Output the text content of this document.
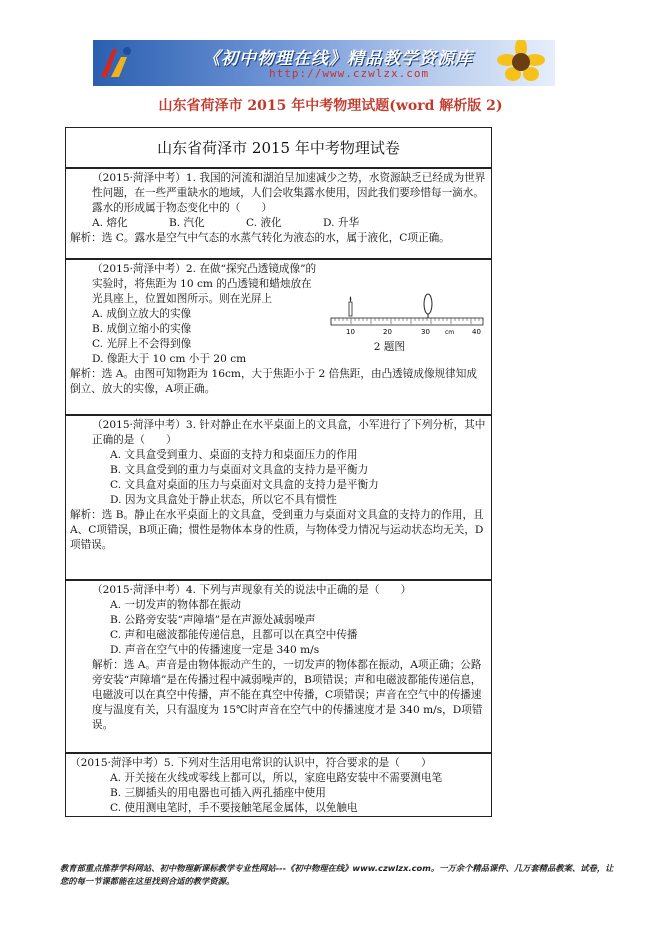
《初中物理在线》精品教学资源库
http://www.czwlzx.com
山东省荷泽市 2015 年中考物理试题(word 解析版 2)
山东省荷泽市 2015 年中考物理试卷
（2015·菏泽中考）1. 我国的河流和湖泊呈加速减少之势，水资源缺乏已经成为世界性问题，在一些严重缺水的地域，人们会收集露水使用，因此我们要珍惜每一滴水。露水的形成属于物态变化中的（　　）
A. 熔化	B. 汽化	C. 液化	D. 升华
解析：选 C。露水是空气中气态的水蒸气转化为液态的水，属于液化，C项正确。
（2015·菏泽中考）2. 在做“探究凸透镜成像”的实验时，将焦距为 10 cm 的凸透镜和蜡烛放在光具座上，位置如图所示。则在光屏上
10	20	30	cm	40
2 题图
A. 成倒立放大的实像
B. 成倒立缩小的实像
C. 光屏上不会得到像
D. 像距大于 10 cm 小于 20 cm
解析：选 A。由图可知物距为 16cm，大于焦距小于 2 倍焦距，由凸透镜成像规律知成倒立、放大的实像，A项正确。
（2015·菏泽中考）3. 针对静止在水平桌面上的文具盒，小军进行了下列分析，其中正确的是（　　）
A. 文具盒受到重力、桌面的支持力和桌面压力的作用
B. 文具盒受到的重力与桌面对文具盒的支持力是平衡力
C. 文具盒对桌面的压力与桌面对文具盒的支持力是平衡力
D. 因为文具盒处于静止状态，所以它不具有惯性
解析：选 B。静止在水平桌面上的文具盒，受到重力与桌面对文具盒的支持力的作用，且 A、C项错误，B项正确；惯性是物体本身的性质，与物体受力情况与运动状态均无关，D项错误。
（2015·菏泽中考）4. 下列与声现象有关的说法中正确的是（　　）
A. 一切发声的物体都在振动
B. 公路旁安装“声障墙”是在声源处减弱噪声
C. 声和电磁波都能传递信息，且都可以在真空中传播
D. 声音在空气中的传播速度一定是 340 m/s
解析：选 A。声音是由物体振动产生的，一切发声的物体都在振动，A项正确；公路旁安装“声障墙”是在传播过程中减弱噪声的，B项错误；声和电磁波都能传递信息，电磁波可以在真空中传播，声不能在真空中传播，C项错误；声音在空气中的传播速度与温度有关，只有温度为 15℃时声音在空气中的传播速度才是 340 m/s，D项错误。
（2015·菏泽中考）5. 下列对生活用电常识的认识中，符合要求的是（　　）
A. 开关接在火线或零线上都可以，所以，家庭电路安装中不需要测电笔
B. 三脚插头的用电器也可插入两孔插座中使用
C. 使用测电笔时，手不要接触笔尾金属体，以免触电
教育部重点推荐学科网站、初中物理新课标教学专业性网站---《初中物理在线》www.czwlzx.com。一万余个精品课件、几万套精品教案、试卷，让您的每一节课都能在这里找到合适的教学资源。
